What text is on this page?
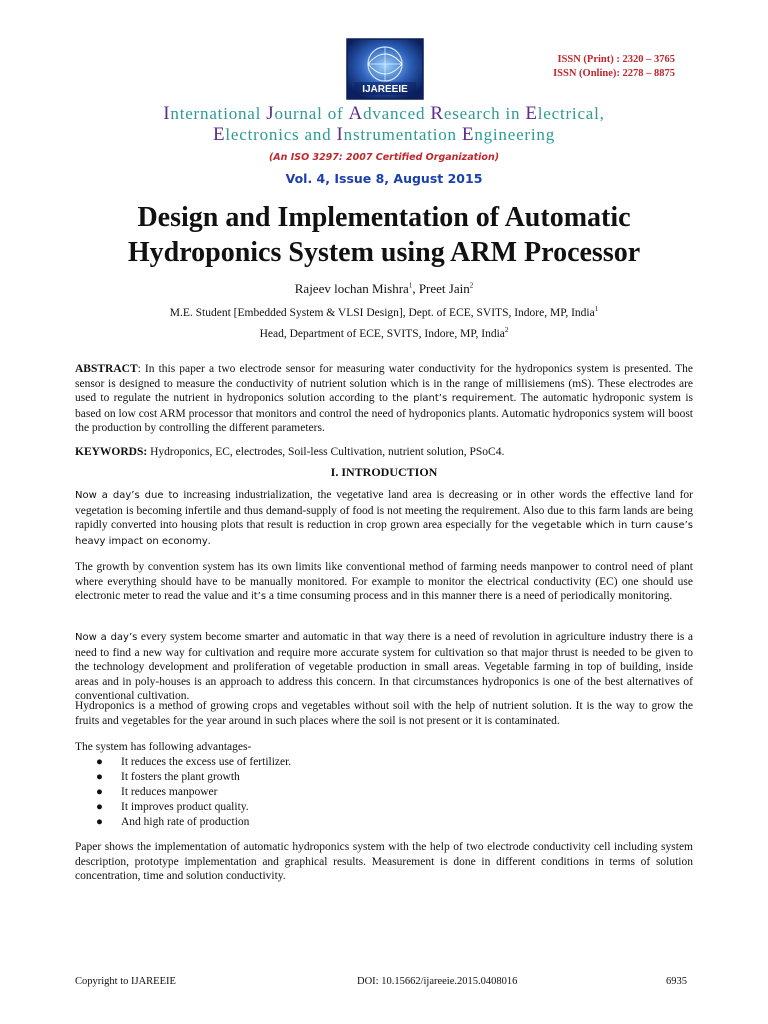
IJAREEIE
ISSN (Print) : 2320 – 3765
ISSN (Online): 2278 – 8875
International Journal of Advanced Research in Electrical,
Electronics and Instrumentation Engineering
(An ISO 3297: 2007 Certified Organization)
Vol. 4, Issue 8, August 2015
Design and Implementation of Automatic Hydroponics System using ARM Processor
Rajeev lochan Mishra$^1$, Preet Jain$^2$
M.E. Student [Embedded System & VLSI Design], Dept. of ECE, SVITS, Indore, MP, India$^1$
Head, Department of ECE, SVITS, Indore, MP, India$^2$

ABSTRACT: In this paper a two electrode sensor for measuring water conductivity for the hydroponics system is presented. The sensor is designed to measure the conductivity of nutrient solution which is in the range of millisiemens (mS). These electrodes are used to regulate the nutrient in hydroponics solution according to the plant’s requirement. The automatic hydroponic system is based on low cost ARM processor that monitors and control the need of hydroponics plants. Automatic hydroponics system will boost the production by controlling the different parameters.

KEYWORDS: Hydroponics, EC, electrodes, Soil-less Cultivation, nutrient solution, PSoC4.

I. INTRODUCTION

Now a day’s due to increasing industrialization, the vegetative land area is decreasing or in other words the effective land for vegetation is becoming infertile and thus demand-supply of food is not meeting the requirement. Also due to this farm lands are being rapidly converted into housing plots that result is reduction in crop grown area especially for the vegetable which in turn cause’s heavy impact on economy.

The growth by convention system has its own limits like conventional method of farming needs manpower to control need of plant where everything should have to be manually monitored. For example to monitor the electrical conductivity (EC) one should use electronic meter to read the value and it’s a time consuming process and in this manner there is a need of periodically monitoring.

Now a day’s every system become smarter and automatic in that way there is a need of revolution in agriculture industry there is a need to find a new way for cultivation and require more accurate system for cultivation so that major thrust is needed to be given to the technology development and proliferation of vegetable production in small areas. Vegetable farming in top of building, inside areas and in poly-houses is an approach to address this concern. In that circumstances hydroponics is one of the best alternatives of conventional cultivation.

Hydroponics is a method of growing crops and vegetables without soil with the help of nutrient solution. It is the way to grow the fruits and vegetables for the year around in such places where the soil is not present or it is contaminated.

The system has following advantages-

● It reduces the excess use of fertilizer.
● It fosters the plant growth
● It reduces manpower
● It improves product quality.
● And high rate of production

Paper shows the implementation of automatic hydroponics system with the help of two electrode conductivity cell including system description, prototype implementation and graphical results. Measurement is done in different conditions in terms of solution concentration, time and solution conductivity.

Copyright to IJAREEIE	DOI: 10.15662/ijareeie.2015.0408016	6935
